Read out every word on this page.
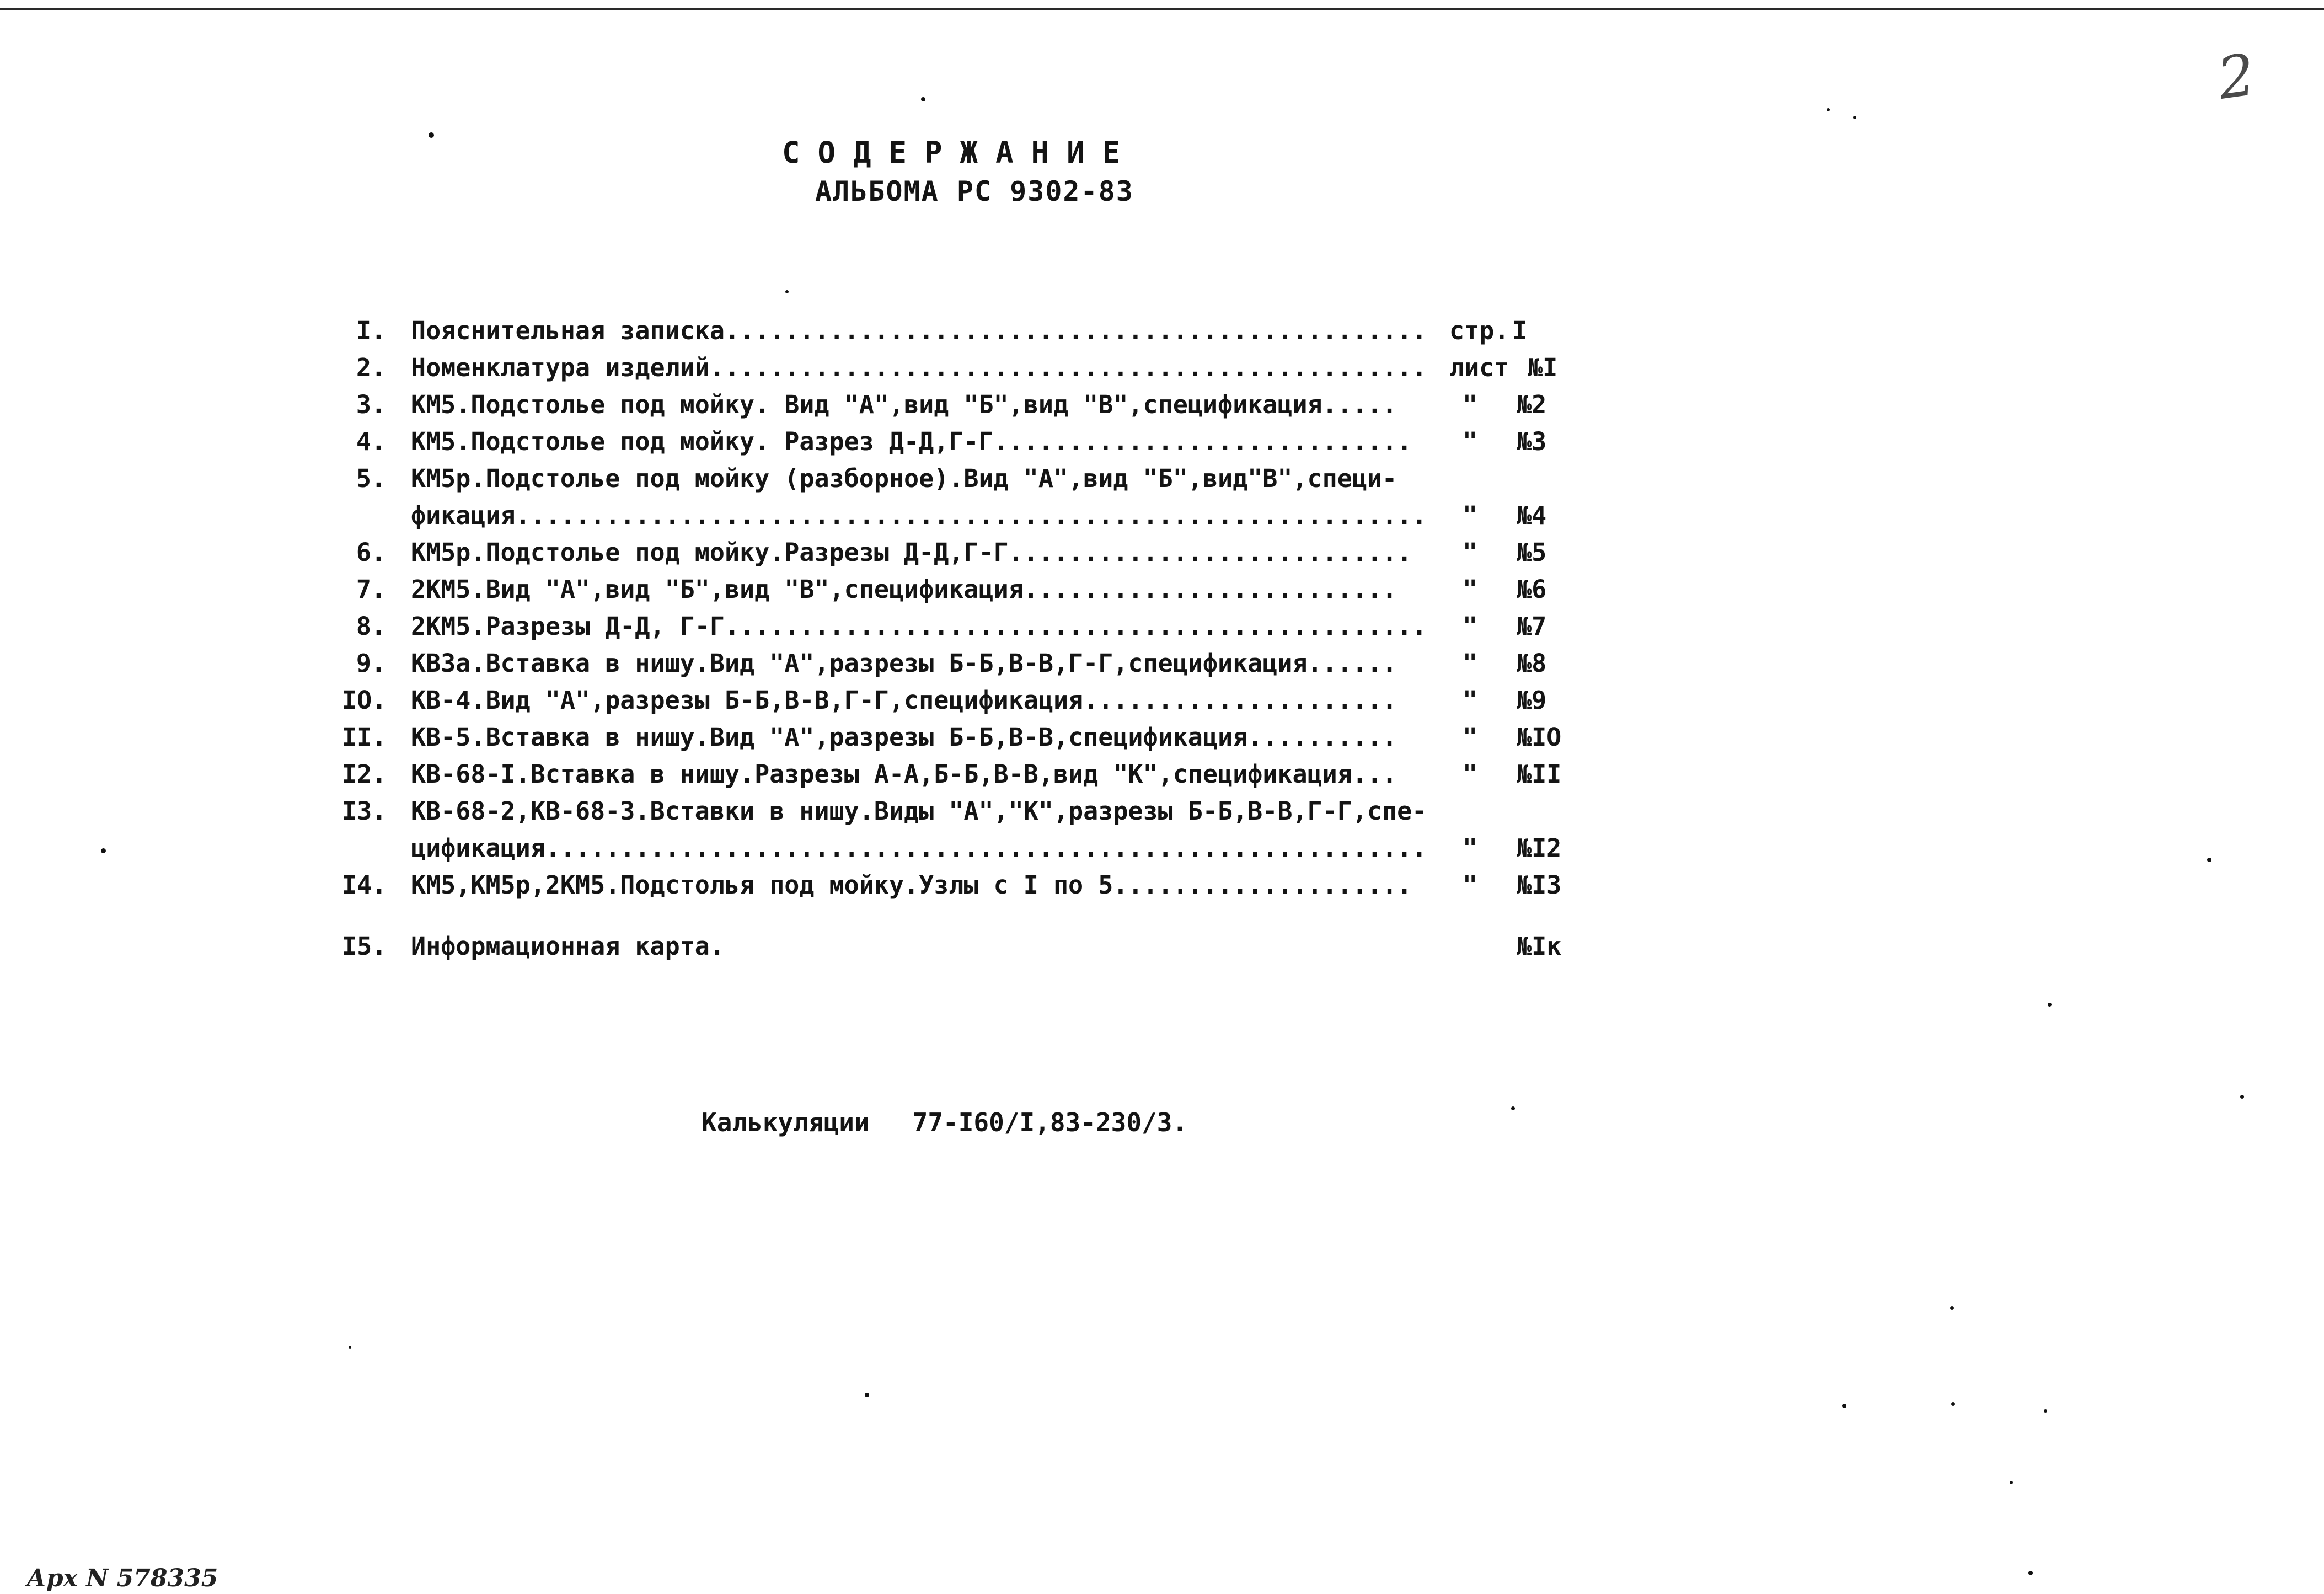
2
СОДЕРЖАНИЕ
АЛЬБОМА РС 9302-83
I. Пояснительная записка............................................... стр. I
2. Номенклатура изделий................................................ лист №I
3. КМ5.Подстолье под мойку. Вид "А",вид "Б",вид "В",спецификация.....	" №2
4. КМ5.Подстолье под мойку. Разрез Д-Д,Г-Г............................	" №3
5. КМ5р.Подстолье под мойку (разборное).Вид "А",вид "Б",вид"В",специ-
фикация.............................................................	" №4
6. КМ5р.Подстолье под мойку.Разрезы Д-Д,Г-Г...........................	" №5
7. 2КМ5.Вид "А",вид "Б",вид "В",спецификация.........................	" №6
8. 2КМ5.Разрезы Д-Д, Г-Г...............................................	" №7
9. КВ3а.Вставка в нишу.Вид "А",разрезы Б-Б,В-В,Г-Г,спецификация......	" №8
IO. КВ-4.Вид "А",разрезы Б-Б,В-В,Г-Г,спецификация.....................	" №9
II. КВ-5.Вставка в нишу.Вид "А",разрезы Б-Б,В-В,спецификация..........	" №IO
I2. КВ-68-I.Вставка в нишу.Разрезы А-А,Б-Б,В-В,вид "К",спецификация...	" №II
I3. КВ-68-2,КВ-68-3.Вставки в нишу.Виды "А","К",разрезы Б-Б,В-В,Г-Г,спе-
цификация...........................................................	" №I2
I4. КМ5,КМ5р,2КМ5.Подстолья под мойку.Узлы с I по 5....................	" №I3
I5. Информационная карта.	№Iк
Калькуляции 77-I60/I,83-230/3.
Арх N 578335
